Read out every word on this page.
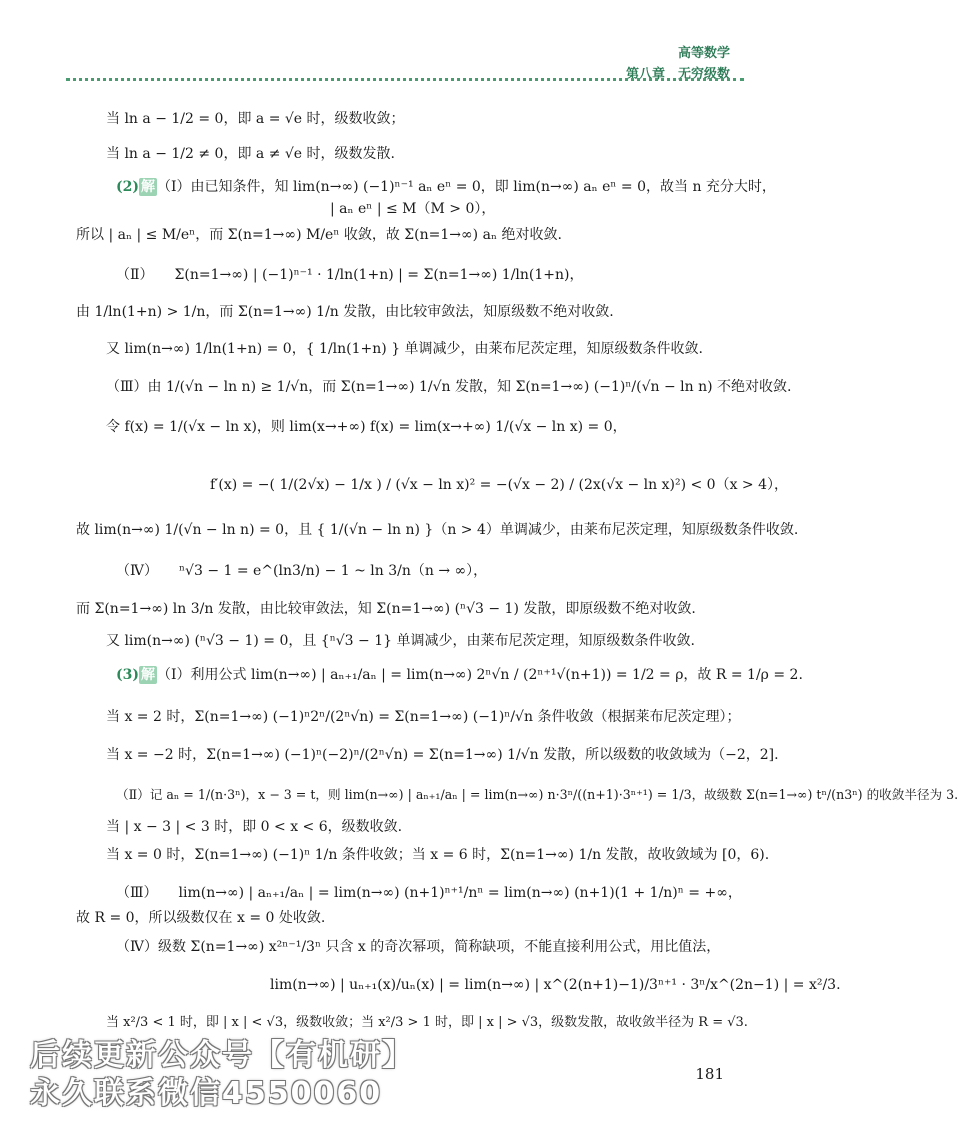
高等数学
第八章　无穷级数
当 ln a − 1/2 = 0，即 a = √e 时，级数收敛；
当 ln a − 1/2 ≠ 0，即 a ≠ √e 时，级数发散.
(2) 解 （Ⅰ）由已知条件，知 lim(n→∞) (−1)ⁿ⁻¹ aₙ eⁿ = 0，即 lim(n→∞) aₙ eⁿ = 0，故当 n 充分大时，
| aₙ eⁿ | ≤ M（M > 0），
所以 | aₙ | ≤ M/eⁿ，而 Σ(n=1→∞) M/eⁿ 收敛，故 Σ(n=1→∞) aₙ 绝对收敛.
（Ⅱ）　　Σ(n=1→∞) | (−1)ⁿ⁻¹ · 1/ln(1+n) | = Σ(n=1→∞) 1/ln(1+n)，
由 1/ln(1+n) > 1/n，而 Σ(n=1→∞) 1/n 发散，由比较审敛法，知原级数不绝对收敛.
又 lim(n→∞) 1/ln(1+n) = 0，{ 1/ln(1+n) } 单调减少，由莱布尼茨定理，知原级数条件收敛.
（Ⅲ）由 1/(√n − ln n) ≥ 1/√n，而 Σ(n=1→∞) 1/√n 发散，知 Σ(n=1→∞) (−1)ⁿ/(√n − ln n) 不绝对收敛.
令 f(x) = 1/(√x − ln x)，则 lim(x→+∞) f(x) = lim(x→+∞) 1/(√x − ln x) = 0，
f′(x) = −( 1/(2√x) − 1/x ) / (√x − ln x)² = −(√x − 2) / (2x(√x − ln x)²) < 0（x > 4），
故 lim(n→∞) 1/(√n − ln n) = 0，且 { 1/(√n − ln n) }（n > 4）单调减少，由莱布尼茨定理，知原级数条件收敛.
（Ⅳ）　　ⁿ√3 − 1 = e^(ln3/n) − 1 ~ ln 3/n（n → ∞），
而 Σ(n=1→∞) ln 3/n 发散，由比较审敛法，知 Σ(n=1→∞) (ⁿ√3 − 1) 发散，即原级数不绝对收敛.
又 lim(n→∞) (ⁿ√3 − 1) = 0，且 {ⁿ√3 − 1} 单调减少，由莱布尼茨定理，知原级数条件收敛.
(3) 解 （Ⅰ）利用公式 lim(n→∞) | aₙ₊₁/aₙ | = lim(n→∞) 2ⁿ√n / (2ⁿ⁺¹√(n+1)) = 1/2 = ρ，故 R = 1/ρ = 2.
当 x = 2 时，Σ(n=1→∞) (−1)ⁿ2ⁿ/(2ⁿ√n) = Σ(n=1→∞) (−1)ⁿ/√n 条件收敛（根据莱布尼茨定理）；
当 x = −2 时，Σ(n=1→∞) (−1)ⁿ(−2)ⁿ/(2ⁿ√n) = Σ(n=1→∞) 1/√n 发散，所以级数的收敛域为（−2，2].
（Ⅱ）记 aₙ = 1/(n·3ⁿ)，x − 3 = t，则 lim(n→∞) | aₙ₊₁/aₙ | = lim(n→∞) n·3ⁿ/((n+1)·3ⁿ⁺¹) = 1/3，故级数 Σ(n=1→∞) tⁿ/(n3ⁿ) 的收敛半径为 3.
当 | x − 3 | < 3 时，即 0 < x < 6，级数收敛.
当 x = 0 时，Σ(n=1→∞) (−1)ⁿ 1/n 条件收敛；当 x = 6 时，Σ(n=1→∞) 1/n 发散，故收敛域为 [0，6).
（Ⅲ）　　lim(n→∞) | aₙ₊₁/aₙ | = lim(n→∞) (n+1)ⁿ⁺¹/nⁿ = lim(n→∞) (n+1)(1 + 1/n)ⁿ = +∞，
故 R = 0，所以级数仅在 x = 0 处收敛.
（Ⅳ）级数 Σ(n=1→∞) x²ⁿ⁻¹/3ⁿ 只含 x 的奇次幂项，简称缺项，不能直接利用公式，用比值法，
lim(n→∞) | uₙ₊₁(x)/uₙ(x) | = lim(n→∞) | x^(2(n+1)−1)/3ⁿ⁺¹ · 3ⁿ/x^(2n−1) | = x²/3.
当 x²/3 < 1 时，即 | x | < √3，级数收敛；当 x²/3 > 1 时，即 | x | > √3，级数发散，故收敛半径为 R = √3.
181
后续更新公众号【有机研】
永久联系微信4550060
